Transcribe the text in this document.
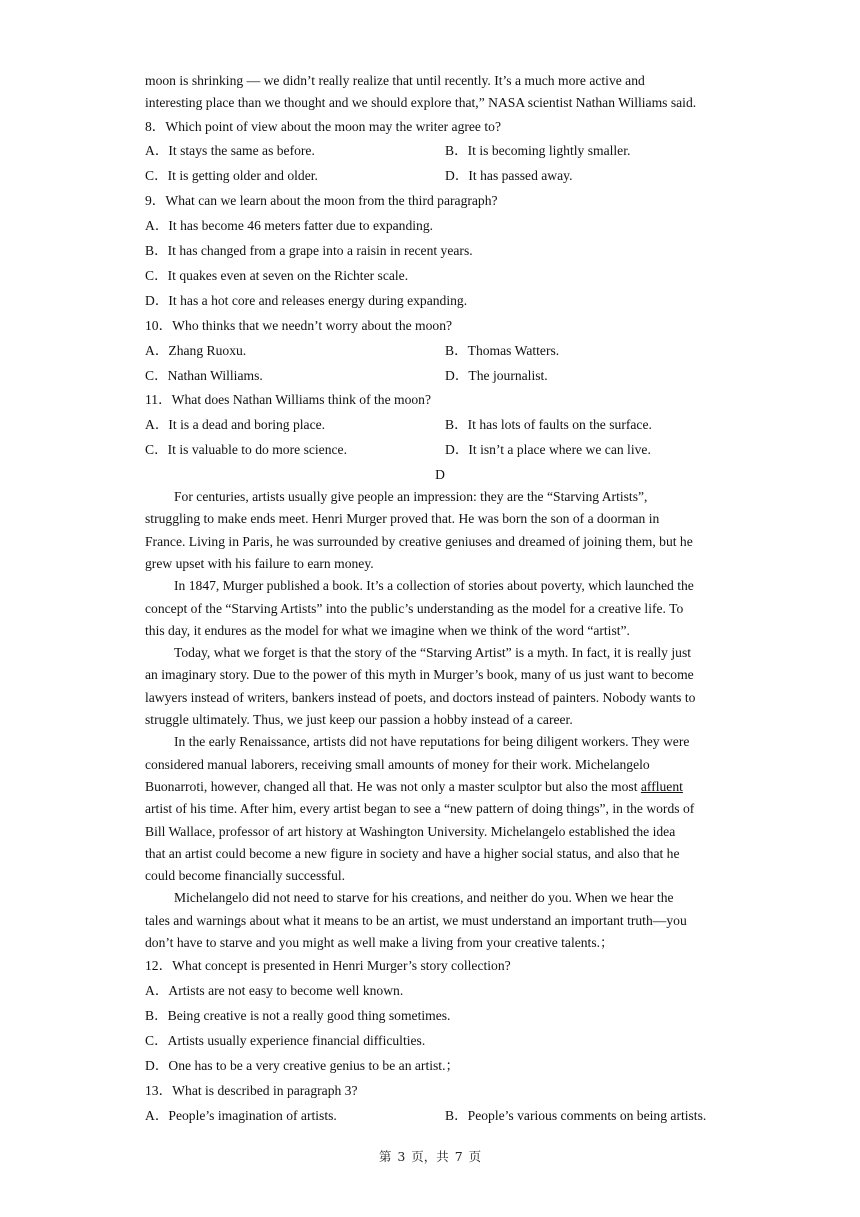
moon is shrinking — we didn’t really realize that until recently. It’s a much more active and
interesting place than we thought and we should explore that,” NASA scientist Nathan Williams said.
8．Which point of view about the moon may the writer agree to?
A．It stays the same as before.	B．It is becoming lightly smaller.
C．It is getting older and older.	D．It has passed away.
9．What can we learn about the moon from the third paragraph?
A．It has become 46 meters fatter due to expanding.
B．It has changed from a grape into a raisin in recent years.
C．It quakes even at seven on the Richter scale.
D．It has a hot core and releases energy during expanding.
10．Who thinks that we needn’t worry about the moon?
A．Zhang Ruoxu.	B．Thomas Watters.
C．Nathan Williams.	D．The journalist.
11．What does Nathan Williams think of the moon?
A．It is a dead and boring place.	B．It has lots of faults on the surface.
C．It is valuable to do more science.	D．It isn’t a place where we can live.
D
For centuries, artists usually give people an impression: they are the “Starving Artists”,
struggling to make ends meet. Henri Murger proved that. He was born the son of a doorman in
France. Living in Paris, he was surrounded by creative geniuses and dreamed of joining them, but he
grew upset with his failure to earn money.
In 1847, Murger published a book. It’s a collection of stories about poverty, which launched the
concept of the “Starving Artists” into the public’s understanding as the model for a creative life. To
this day, it endures as the model for what we imagine when we think of the word “artist”.
Today, what we forget is that the story of the “Starving Artist” is a myth. In fact, it is really just
an imaginary story. Due to the power of this myth in Murger’s book, many of us just want to become
lawyers instead of writers, bankers instead of poets, and doctors instead of painters. Nobody wants to
struggle ultimately. Thus, we just keep our passion a hobby instead of a career.
In the early Renaissance, artists did not have reputations for being diligent workers. They were
considered manual laborers, receiving small amounts of money for their work. Michelangelo
Buonarroti, however, changed all that. He was not only a master sculptor but also the most affluent
artist of his time. After him, every artist began to see a “new pattern of doing things”, in the words of
Bill Wallace, professor of art history at Washington University. Michelangelo established the idea
that an artist could become a new figure in society and have a higher social status, and also that he
could become financially successful.
Michelangelo did not need to starve for his creations, and neither do you. When we hear the
tales and warnings about what it means to be an artist, we must understand an important truth—you
don’t have to starve and you might as well make a living from your creative talents.；
12．What concept is presented in Henri Murger’s story collection?
A．Artists are not easy to become well known.
B．Being creative is not a really good thing sometimes.
C．Artists usually experience financial difficulties.
D．One has to be a very creative genius to be an artist.；
13．What is described in paragraph 3?
A．People’s imagination of artists.	B．People’s various comments on being artists.
第 3 页，共 7 页
